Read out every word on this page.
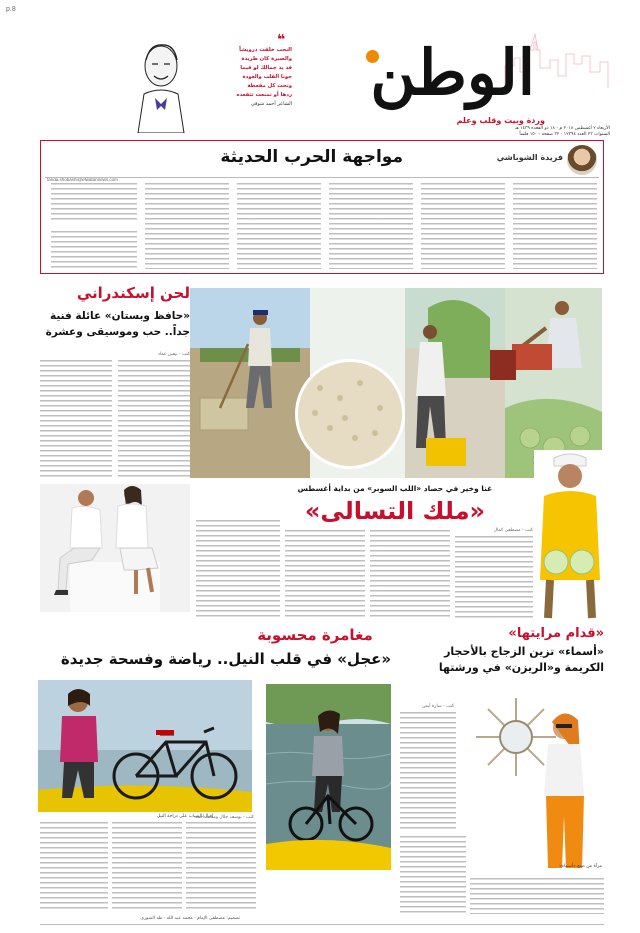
p.8
الوطن
وردة وبيت وقلب وعلم
الأربعاء ٢ أغسطس ٢٠١٨ م - ١٨ ذو القعدة ١٤٣٩ هـ
السنوات ٢٣ العدد ١٢٣٩٤ - ٣٢ صفحة - ١٥٠ فلساً
النحب خلقت درويشاً
والصبرة كان طريدة
قد يذ جمالك لو قيما
جونا القلب والعودة
وتحت كل مقعطة
ردها أو تمنعت تتقعده
الشاعر أحمد شوقي
❝
فريدة الشوباشي
مواجهة الحرب الحديثة
farida.shobashi@elwatannews.com
لحن إسكندراني
«حافظ وبستان» عائلة فنية جداً.. حب وموسيقى وعشرة
كتب - نيفين عماد
غنا وخير في حصاد «اللب السوبر» من بداية أغسطس
«ملك التسالى»
كتب - مصطفى كمال
مغامرة محسوبة
«عجل» في قلب النيل.. رياضة وفسحة جديدة
إقبال الشباب على دراجة النيل
كتب - يوسف جلال ومحمد أحمد
«قدام مرايتها»
«أسماء» تزين الزجاج بالأحجار الكريمة و«الريزن» في ورشتها
كتب - سارة أيمن
مرآة من صنع «أسماء»
تصميم: مصطفى الإمام · محمد عبد الله · طه الشورى
